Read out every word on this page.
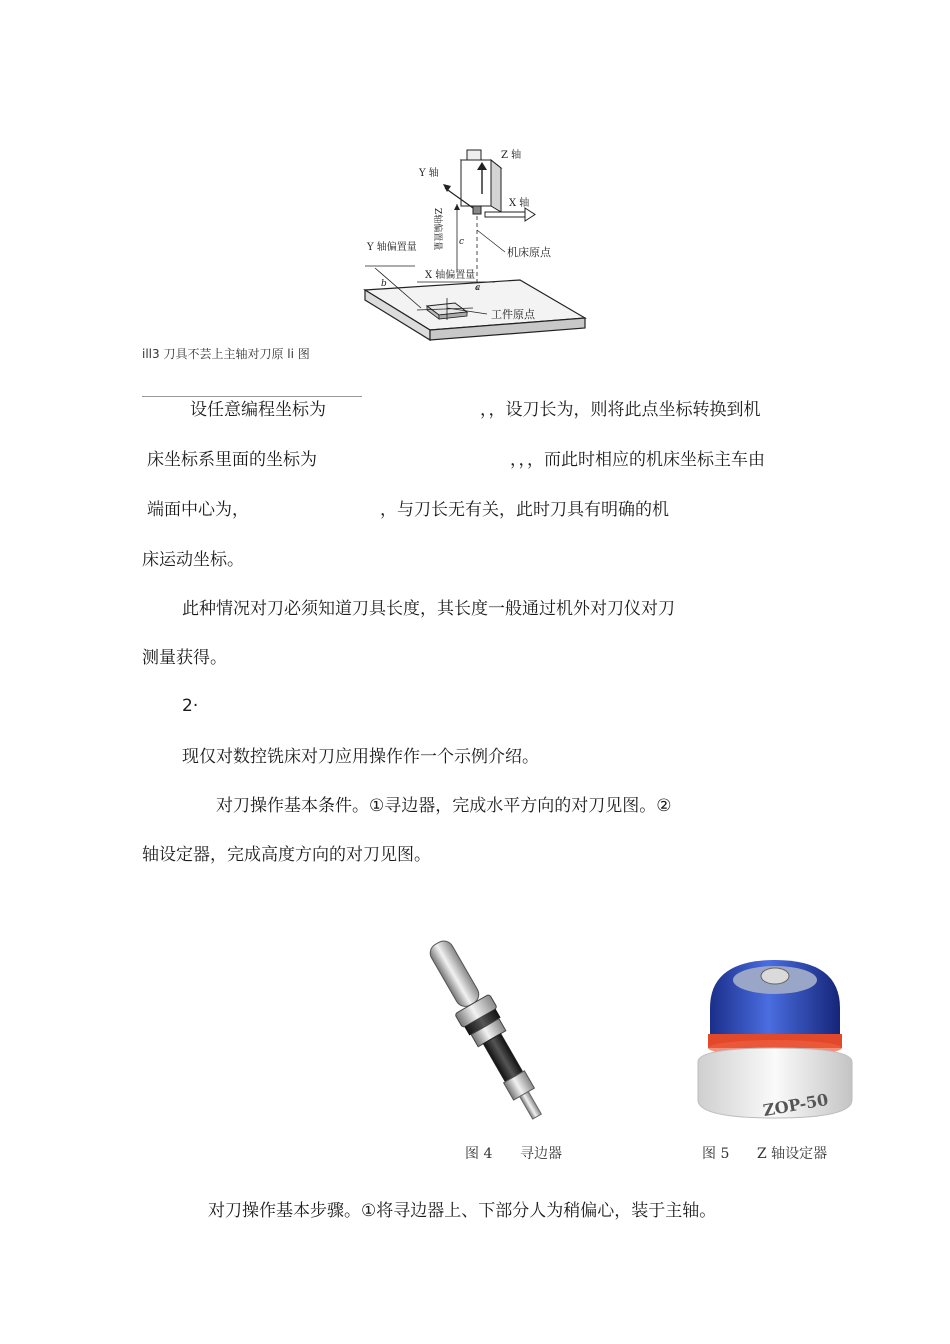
Z 轴
Y 轴
X 轴
Z轴偏置量 c
机床原点
Y 轴偏置量
X 轴偏置量
a
b
工件原点
ill3 刀具不芸上主轴对刀原 li 图
设任意编程坐标为	，，设刀长为，则将此点坐标转换到机
床坐标系里面的坐标为	，，，而此时相应的机床坐标主车由
端面中心为，	，与刀长无有关，此时刀具有明确的机
床运动坐标。
此种情况对刀必须知道刀具长度，其长度一般通过机外对刀仪对刀
测量获得。
2·
现仅对数控铣床对刀应用操作作一个示例介绍。
对刀操作基本条件。①寻边器，完成水平方向的对刀见图。②
轴设定器，完成高度方向的对刀见图。
图 4 寻边器
ZOP-50
图 5 Z 轴设定器
对刀操作基本步骤。①将寻边器上、下部分人为稍偏心，装于主轴。
